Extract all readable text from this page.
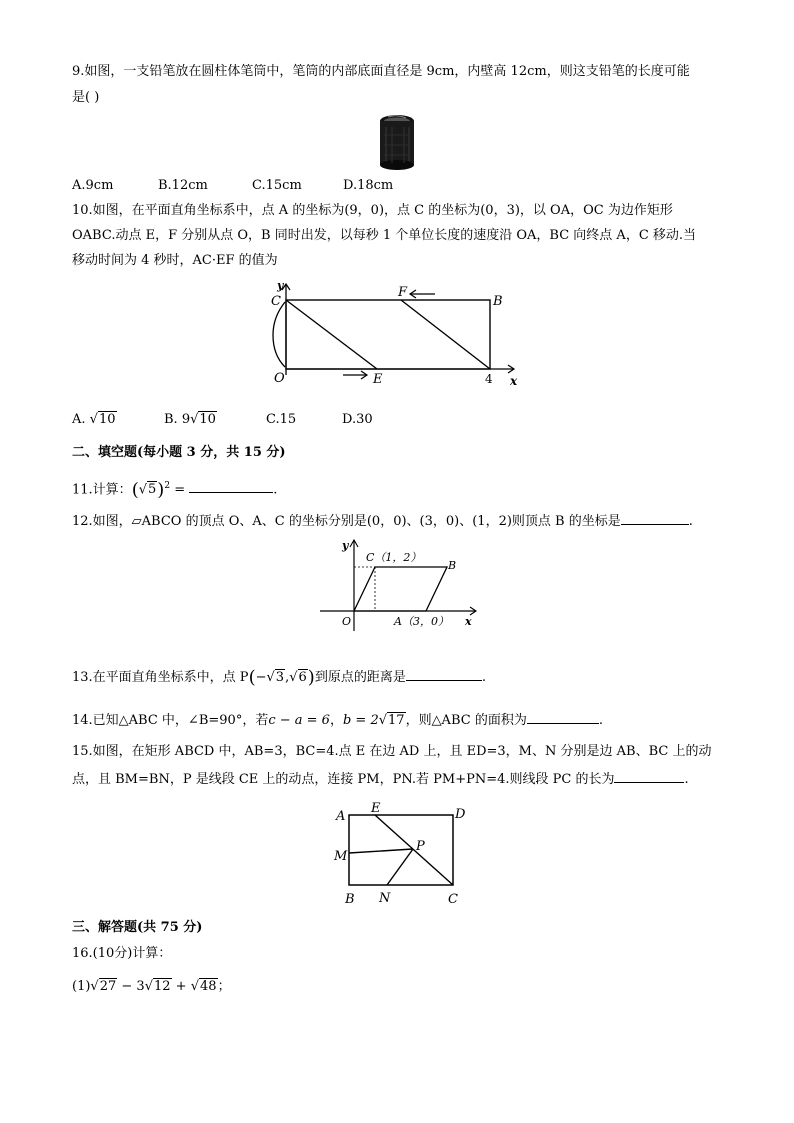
9.如图，一支铅笔放在圆柱体笔筒中，笔筒的内部底面直径是 9cm，内壁高 12cm，则这支铅笔的长度可能
是( )
A.9cm	B.12cm	C.15cm	D.18cm
10.如图，在平面直角坐标系中，点 A 的坐标为(9，0)，点 C 的坐标为(0，3)，以 OA，OC 为边作矩形
OABC.动点 E，F 分别从点 O，B 同时出发，以每秒 1 个单位长度的速度沿 OA，BC 向终点 A，C 移动.当
移动时间为 4 秒时，AC·EF 的值为
y
C
F
B
O	E	4 x
A. √10	B. 9√10	C.15	D.30
二、填空题(每小题 3 分，共 15 分)
11.计算：$(√5)^2$ =	.
12.如图，▱ABCO 的顶点 O、A、C 的坐标分别是(0，0)、(3，0)、(1，2)则顶点 B 的坐标是	.
y
C（1，2）
B
O	A（3，0） x
13.在平面直角坐标系中，点 P(−√3,√6)到原点的距离是	.
14.已知△ABC 中，∠B=90°，若c − a = 6，b = 2√17，则△ABC 的面积为	.
15.如图，在矩形 ABCD 中，AB=3，BC=4.点 E 在边 AD 上，且 ED=3，M、N 分别是边 AB、BC 上的动
点，且 BM=BN，P 是线段 CE 上的动点，连接 PM，PN.若 PM+PN=4.则线段 PC 的长为	.
A
E	D
P
M
B N	C
三、解答题(共 75 分)
16.(10分)计算：
(1)√27 − 3√12 + √48；
